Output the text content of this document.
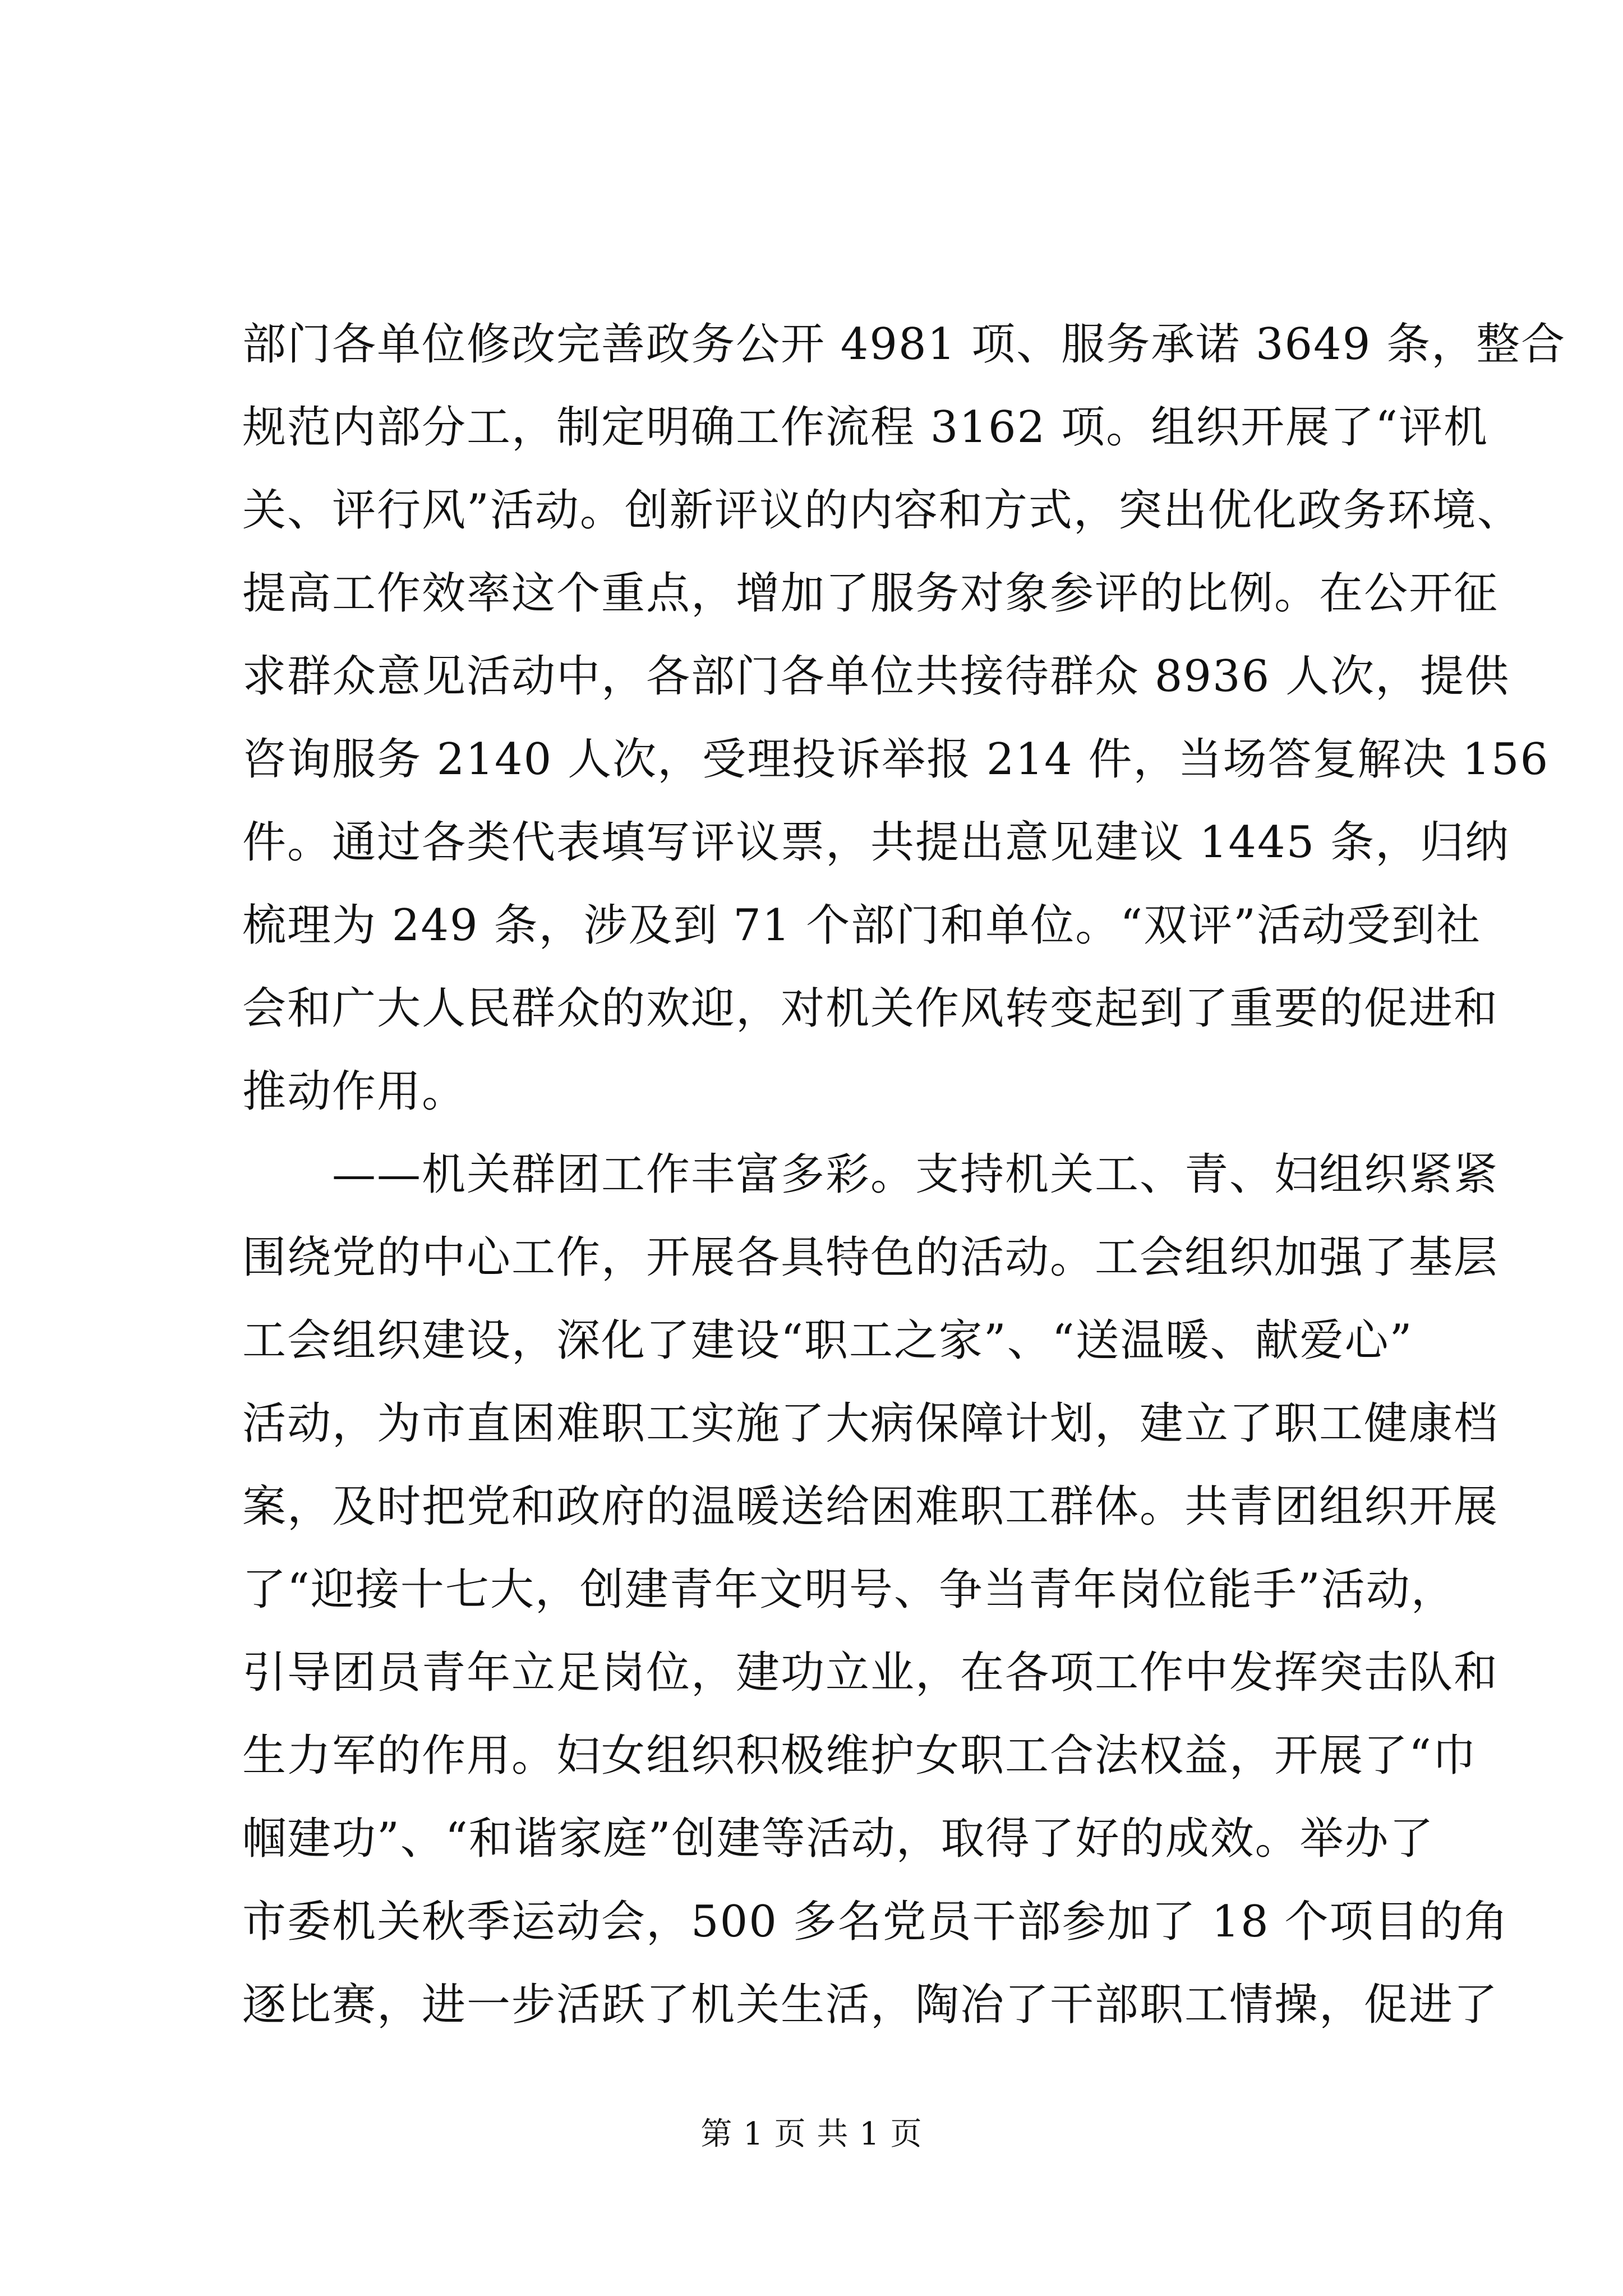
部门各单位修改完善政务公开 4981 项、服务承诺 3649 条，整合
规范内部分工，制定明确工作流程 3162 项。组织开展了“评机
关、评行风”活动。创新评议的内容和方式，突出优化政务环境、
提高工作效率这个重点，增加了服务对象参评的比例。在公开征
求群众意见活动中，各部门各单位共接待群众 8936 人次，提供
咨询服务 2140 人次，受理投诉举报 214 件，当场答复解决 156
件。通过各类代表填写评议票，共提出意见建议 1445 条，归纳
梳理为 249 条，涉及到 71 个部门和单位。“双评”活动受到社
会和广大人民群众的欢迎，对机关作风转变起到了重要的促进和
推动作用。
——机关群团工作丰富多彩。支持机关工、青、妇组织紧紧
围绕党的中心工作，开展各具特色的活动。工会组织加强了基层
工会组织建设，深化了建设“职工之家”、“送温暖、献爱心”
活动，为市直困难职工实施了大病保障计划，建立了职工健康档
案，及时把党和政府的温暖送给困难职工群体。共青团组织开展
了“迎接十七大，创建青年文明号、争当青年岗位能手”活动，
引导团员青年立足岗位，建功立业，在各项工作中发挥突击队和
生力军的作用。妇女组织积极维护女职工合法权益，开展了“巾
帼建功”、“和谐家庭”创建等活动，取得了好的成效。举办了
市委机关秋季运动会，500 多名党员干部参加了 18 个项目的角
逐比赛，进一步活跃了机关生活，陶冶了干部职工情操，促进了
第 1 页 共 1 页
